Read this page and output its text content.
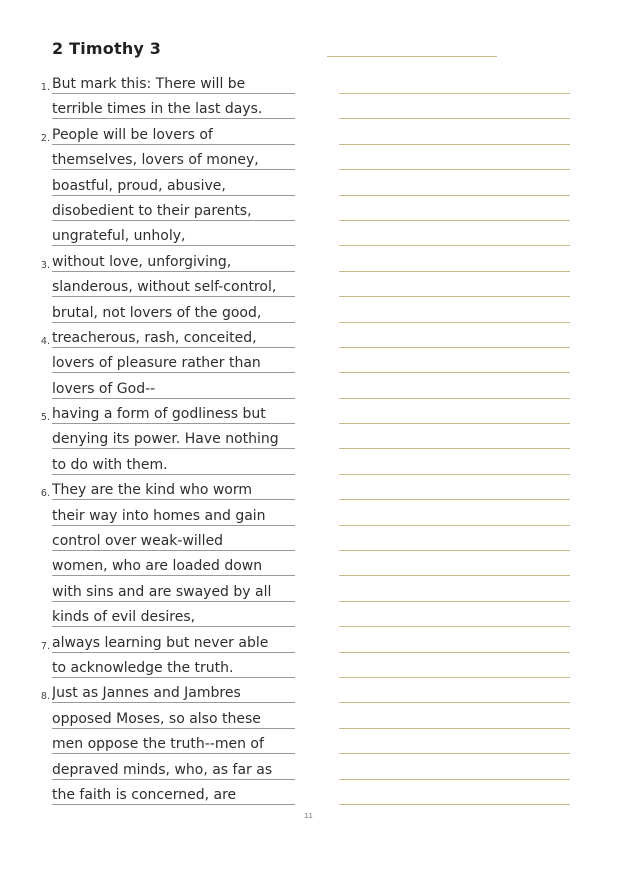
2 Timothy 3
1. But mark this: There will be
terrible times in the last days.
2. People will be lovers of
themselves, lovers of money,
boastful, proud, abusive,
disobedient to their parents,
ungrateful, unholy,
3. without love, unforgiving,
slanderous, without self-control,
brutal, not lovers of the good,
4. treacherous, rash, conceited,
lovers of pleasure rather than
lovers of God--
5. having a form of godliness but
denying its power. Have nothing
to do with them.
6. They are the kind who worm
their way into homes and gain
control over weak-willed
women, who are loaded down
with sins and are swayed by all
kinds of evil desires,
7. always learning but never able
to acknowledge the truth.
8. Just as Jannes and Jambres
opposed Moses, so also these
men oppose the truth--men of
depraved minds, who, as far as
the faith is concerned, are
11
